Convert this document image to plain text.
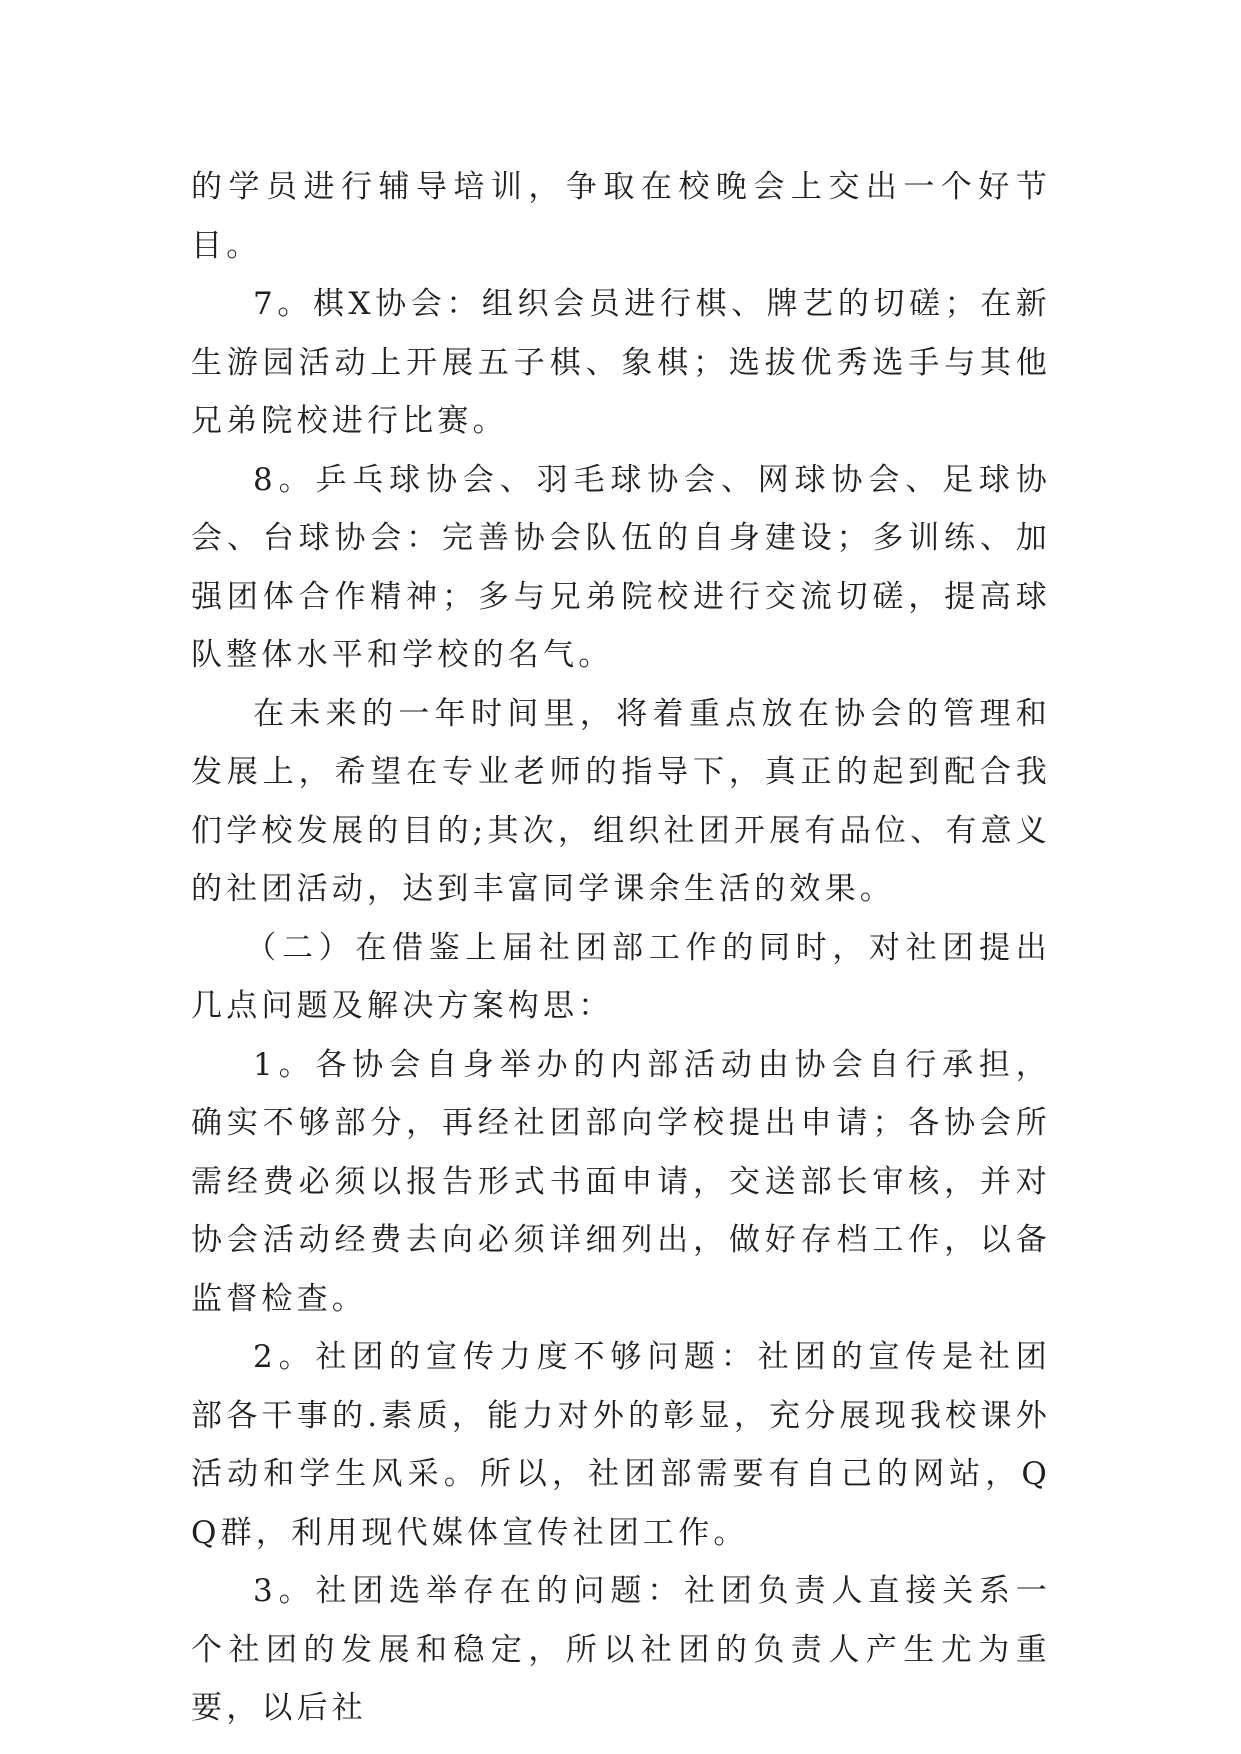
的学员进行辅导培训，争取在校晚会上交出一个好节目。

7。棋X协会：组织会员进行棋、牌艺的切磋；在新生游园活动上开展五子棋、象棋；选拔优秀选手与其他兄弟院校进行比赛。

8。乒乓球协会、羽毛球协会、网球协会、足球协会、台球协会：完善协会队伍的自身建设；多训练、加强团体合作精神；多与兄弟院校进行交流切磋，提高球队整体水平和学校的名气。

在未来的一年时间里，将着重点放在协会的管理和发展上，希望在专业老师的指导下，真正的起到配合我们学校发展的目的;其次，组织社团开展有品位、有意义的社团活动，达到丰富同学课余生活的效果。

（二）在借鉴上届社团部工作的同时，对社团提出几点问题及解决方案构思：

1。各协会自身举办的内部活动由协会自行承担，确实不够部分，再经社团部向学校提出申请；各协会所需经费必须以报告形式书面申请，交送部长审核，并对协会活动经费去向必须详细列出，做好存档工作，以备监督检查。

2。社团的宣传力度不够问题：社团的宣传是社团部各干事的.素质，能力对外的彰显，充分展现我校课外活动和学生风采。所以，社团部需要有自己的网站，QQ群，利用现代媒体宣传社团工作。

3。社团选举存在的问题：社团负责人直接关系一个社团的发展和稳定，所以社团的负责人产生尤为重要，以后社
